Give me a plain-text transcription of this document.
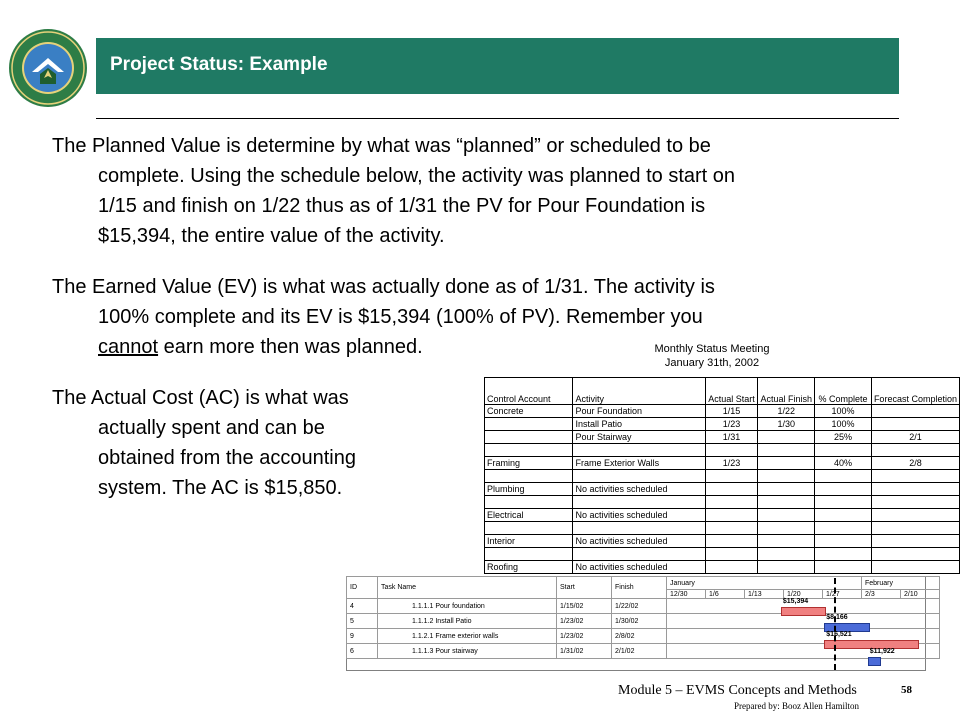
Project Status: Example
The Planned Value is determine by what was “planned” or scheduled to be
complete. Using the schedule below, the activity was planned to start on
1/15 and finish on 1/22 thus as of 1/31 the PV for Pour Foundation is
$15,394, the entire value of the activity.
The Earned Value (EV) is what was actually done as of 1/31. The activity is
100% complete and its EV is $15,394 (100% of PV). Remember you
cannot earn more then was planned.
The Actual Cost (AC) is what was
actually spent and can be
obtained from the accounting
system. The AC is $15,850.
Monthly Status Meeting
January 31th, 2002
Control Account	Activity	Actual Start	Actual Finish	% Complete	Forecast Completion
Concrete	Pour Foundation	1/15	1/22	100%	
	Install Patio	1/23	1/30	100%	
	Pour Stairway	1/31		25%	2/1

Framing	Frame Exterior Walls	1/23		40%	2/8

Plumbing	No activities scheduled				

Electrical	No activities scheduled				

Interior	No activities scheduled				

Roofing	No activities scheduled				
ID	Task Name	Start	Finish	January					February	
				12/30	1/6	1/13	1/20	1/27	2/3	2/10
4	1.1.1.1 Pour foundation	1/15/02	1/22/02							
5	1.1.1.2 Install Patio	1/23/02	1/30/02							
9	1.1.2.1 Frame exterior walls	1/23/02	2/8/02							
6	1.1.1.3 Pour stairway	1/31/02	2/1/02							
$15,394
$8,166
$16,521
$11,922
Module 5 – EVMS Concepts and Methods	58
Prepared by: Booz Allen Hamilton
